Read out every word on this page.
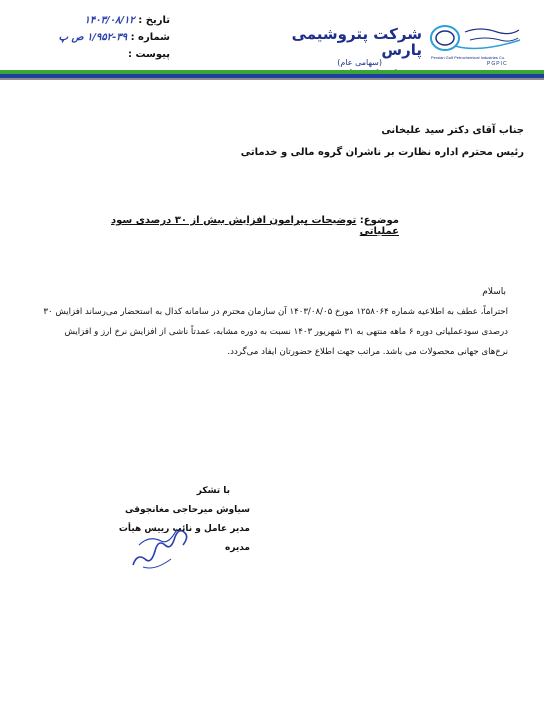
تاریخ : ۱۴۰۳/۰۸/۱۲
شماره : ۳۹-۱/۹۵۲ ص پ
پیوست :
شرکت پتروشیمی پارس
(سهامی عام)
Persian Gulf Petrochemical Industries Co.
PGPIC
جناب آقای دکتر سید علیخانی
رئیس محترم اداره نظارت بر ناشران گروه مالی و خدماتی
موضوع: توضیحات پیرامون افزایش بیش از ۳۰ درصدی سود عملیاتی
باسلام
احتراماً، عطف به اطلاعیه شماره ۱۲۵۸۰۶۴ مورخ ۱۴۰۳/۰۸/۰۵ آن سازمان محترم در سامانه کدال به استحضار می‌رساند افزایش ۳۰ درصدی سودعملیاتی دوره ۶ ماهه منتهی به ۳۱ شهریور ۱۴۰۳ نسبت به دوره مشابه، عمدتاً ناشی از افزایش نرخ ارز و افزایش نرخ‌های جهانی محصولات می باشد. مراتب جهت اطلاع حضورتان ایفاد می‌گردد.
با تشکر
سیاوش میرحاجی مغانجوقی
مدیر عامل و نائب رییس هیأت مدیره
